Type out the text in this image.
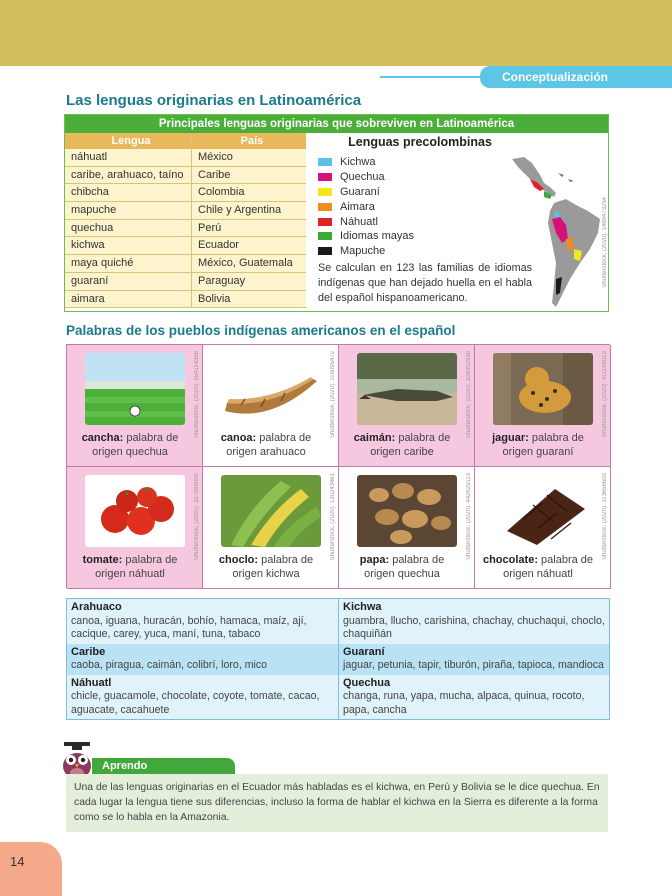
Conceptualización
Las lenguas originarias en Latinoamérica
Principales lenguas originarias que sobreviven en Latinoamérica
Lengua	País
náhuatl	México
caribe, arahuaco, taíno	Caribe
chibcha	Colombia
mapuche	Chile y Argentina
quechua	Perú
kichwa	Ecuador
maya quiché	México, Guatemala
guaraní	Paraguay
aimara	Bolivia
Lenguas precolombinas
Kichwa
Quechua
Guaraní
Aimara
Náhuatl
Idiomas mayas
Mapuche
Se calculan en 123 las familias de idiomas indígenas que han dejado huella en el habla del español hispanoamericano.
Shutterstock, (2020). 1489473254
Palabras de los pueblos indígenas americanos en el español
cancha: palabra de origen quechua
Shutterstock, (2020). 554114356
canoa: palabra de origen arahuaco
Shutterstock, (2020). 116095472
caimán: palabra de origen caribe
Shutterstock, (2020). 108302936	jaguar: palabra de origen guaraní
Shutterstock, (2020). 411168013
tomate: palabra de origen náhuatl
Shutterstock, (2020). 327995000	choclo: palabra de origen kichwa
Shutterstock, (2020). 130243461	papa: palabra de origen quechua
Shutterstock, (2020). 442629113
chocolate: palabra de origen náhuatl
Shutterstock, (2020). 113656603
Arahuaco
canoa, iguana, huracán, bohío, hamaca, maíz, ají, cacique, carey, yuca, maní, tuna, tabaco
Kichwa
guambra, llucho, carishina, chachay, chuchaqui, choclo, chaquiñán
Caribe
caoba, piragua, caimán, colibrí, loro, mico
Guaraní
jaguar, petunia, tapir, tiburón, piraña, tapioca, mandioca
Náhuatl
chicle, guacamole, chocolate, coyote, tomate, cacao, aguacate, cacahuete
Quechua
changa, runa, yapa, mucha, alpaca, quinua, rocoto, papa, cancha
Aprendo
Una de las lenguas originarias en el Ecuador más habladas es el kichwa, en Perú y Bolivia se le dice quechua. En cada lugar la lengua tiene sus diferencias, incluso la forma de hablar el kichwa en la Sierra es diferente a la forma como se lo habla en la Amazonia.
14
